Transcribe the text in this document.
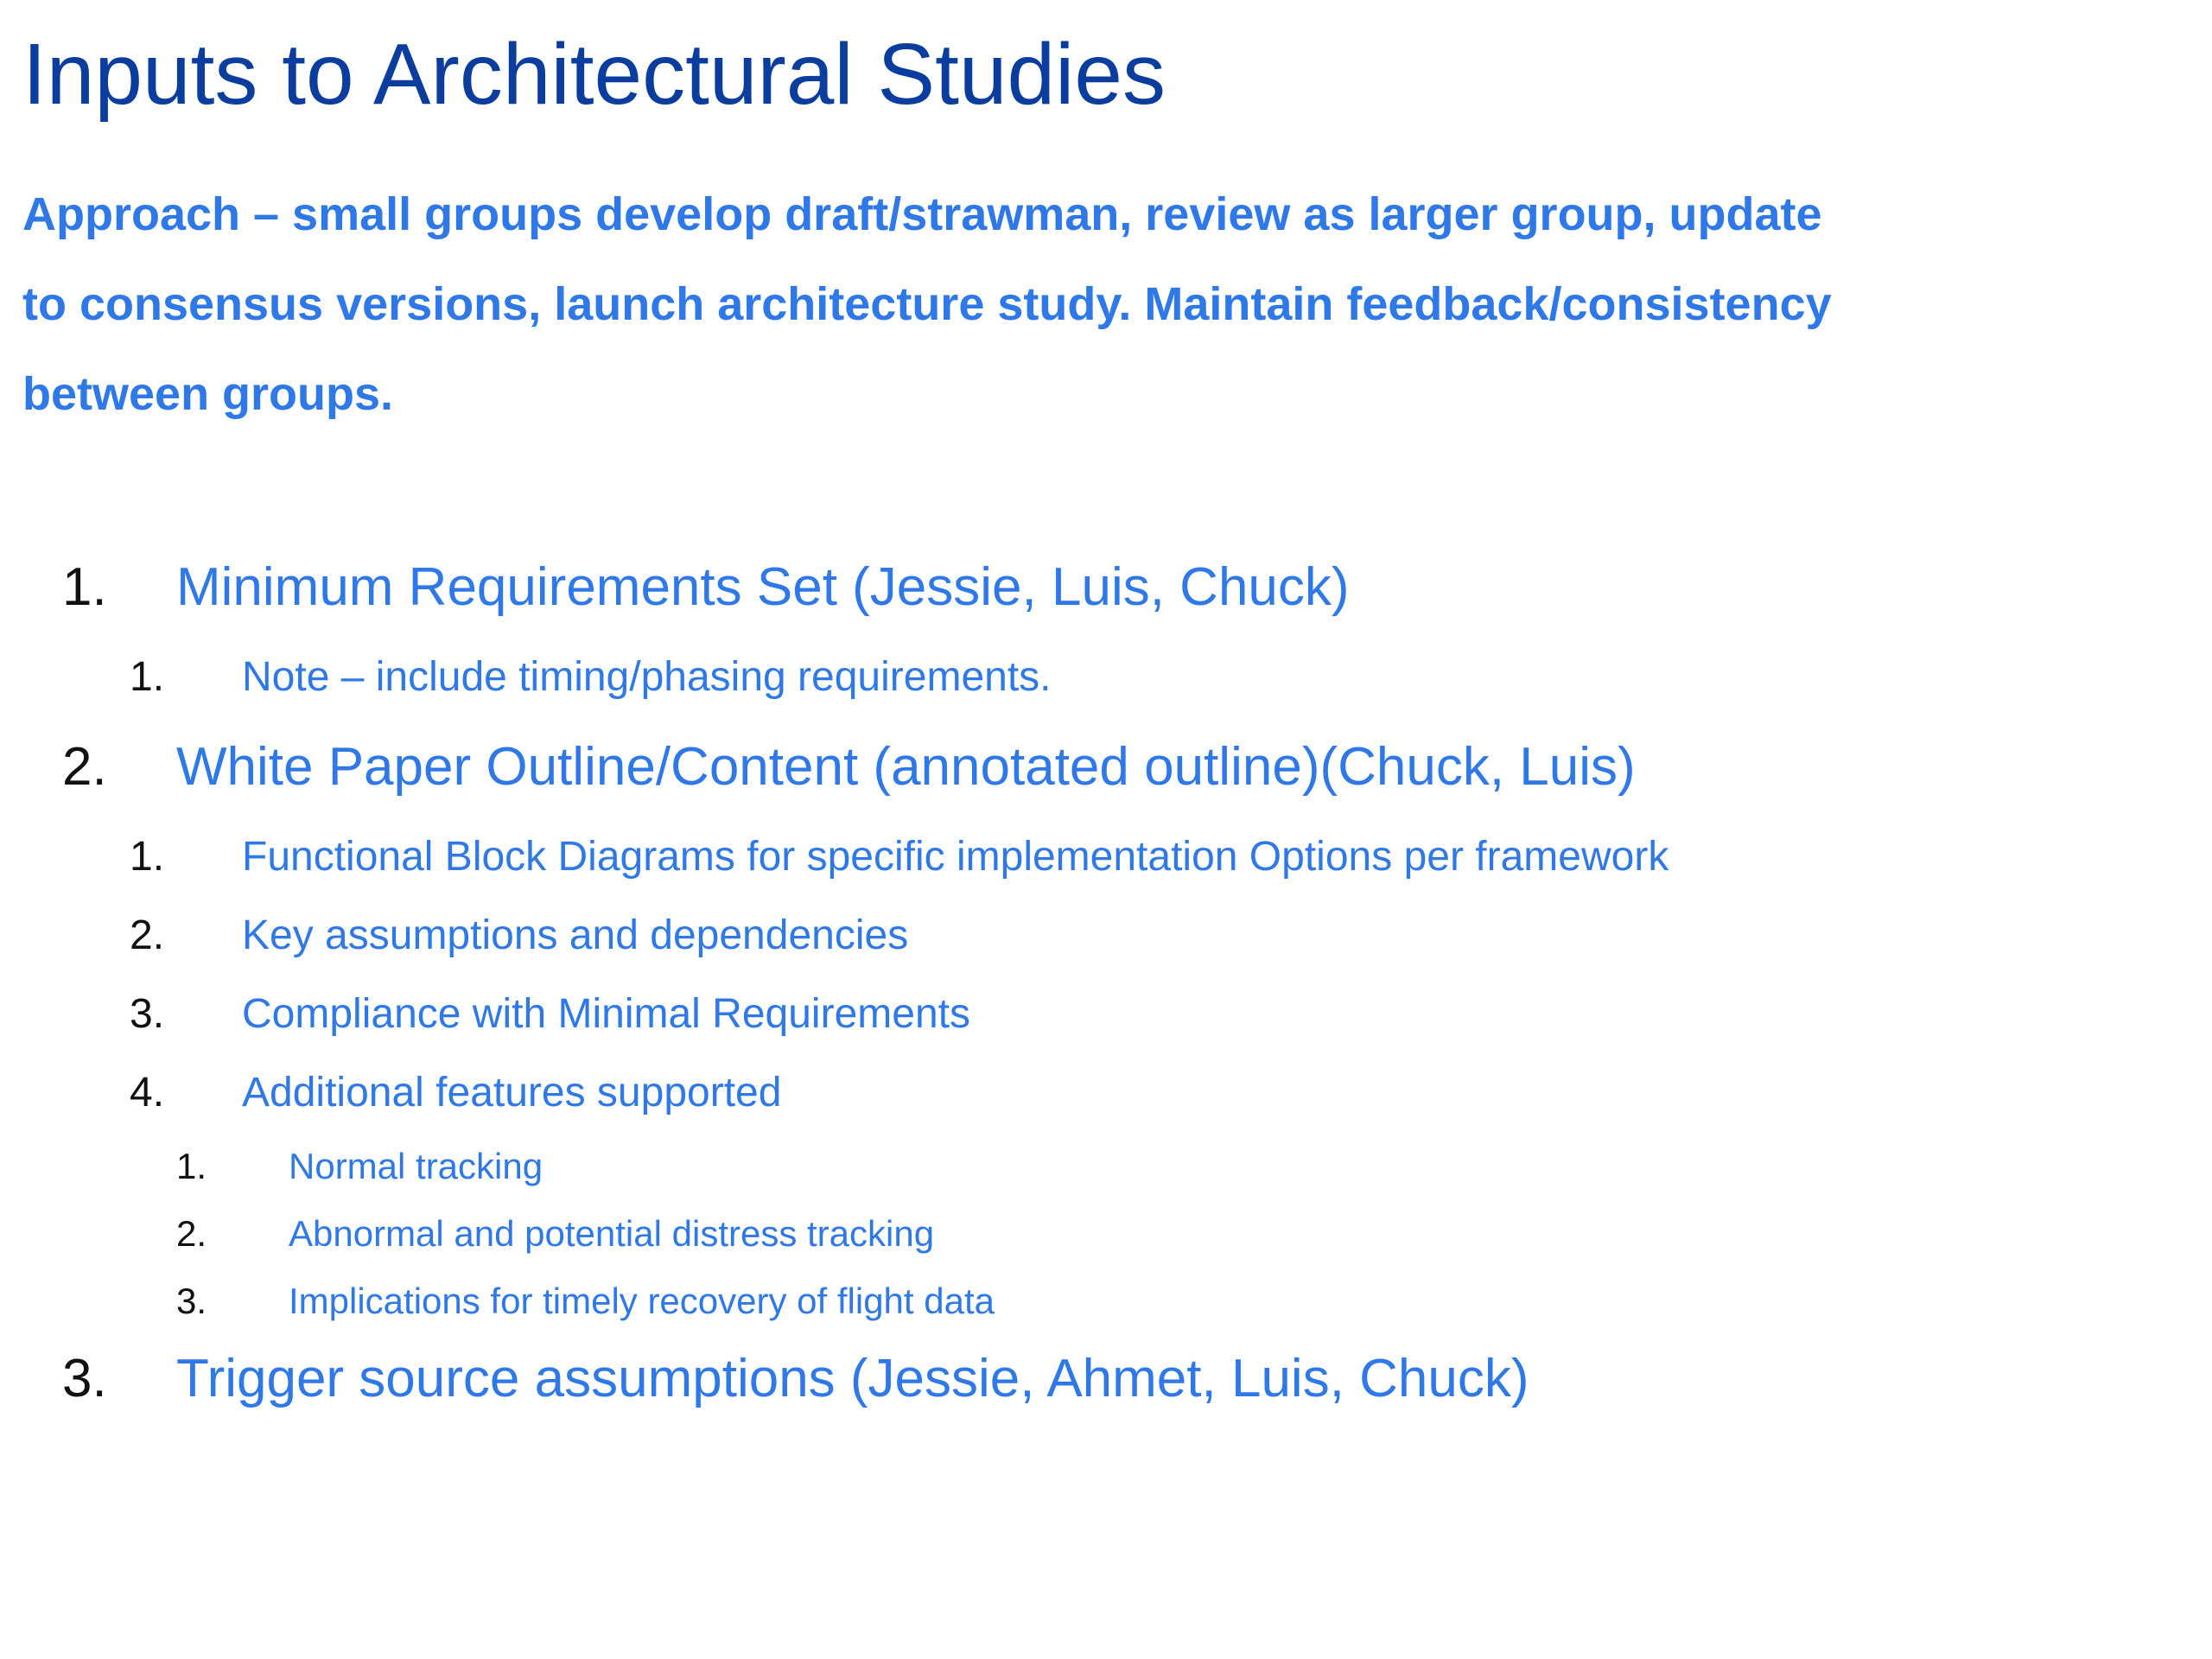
Inputs to Architectural Studies

Approach – small groups develop draft/strawman, review as larger group, update to consensus versions, launch architecture study. Maintain feedback/consistency between groups.

1. Minimum Requirements Set (Jessie, Luis, Chuck)
1. Note – include timing/phasing requirements.
2. White Paper Outline/Content (annotated outline)(Chuck, Luis)
1. Functional Block Diagrams for specific implementation Options per framework
2. Key assumptions and dependencies
3. Compliance with Minimal Requirements
4. Additional features supported
1. Normal tracking
2. Abnormal and potential distress tracking
3. Implications for timely recovery of flight data
3. Trigger source assumptions (Jessie, Ahmet, Luis, Chuck)
